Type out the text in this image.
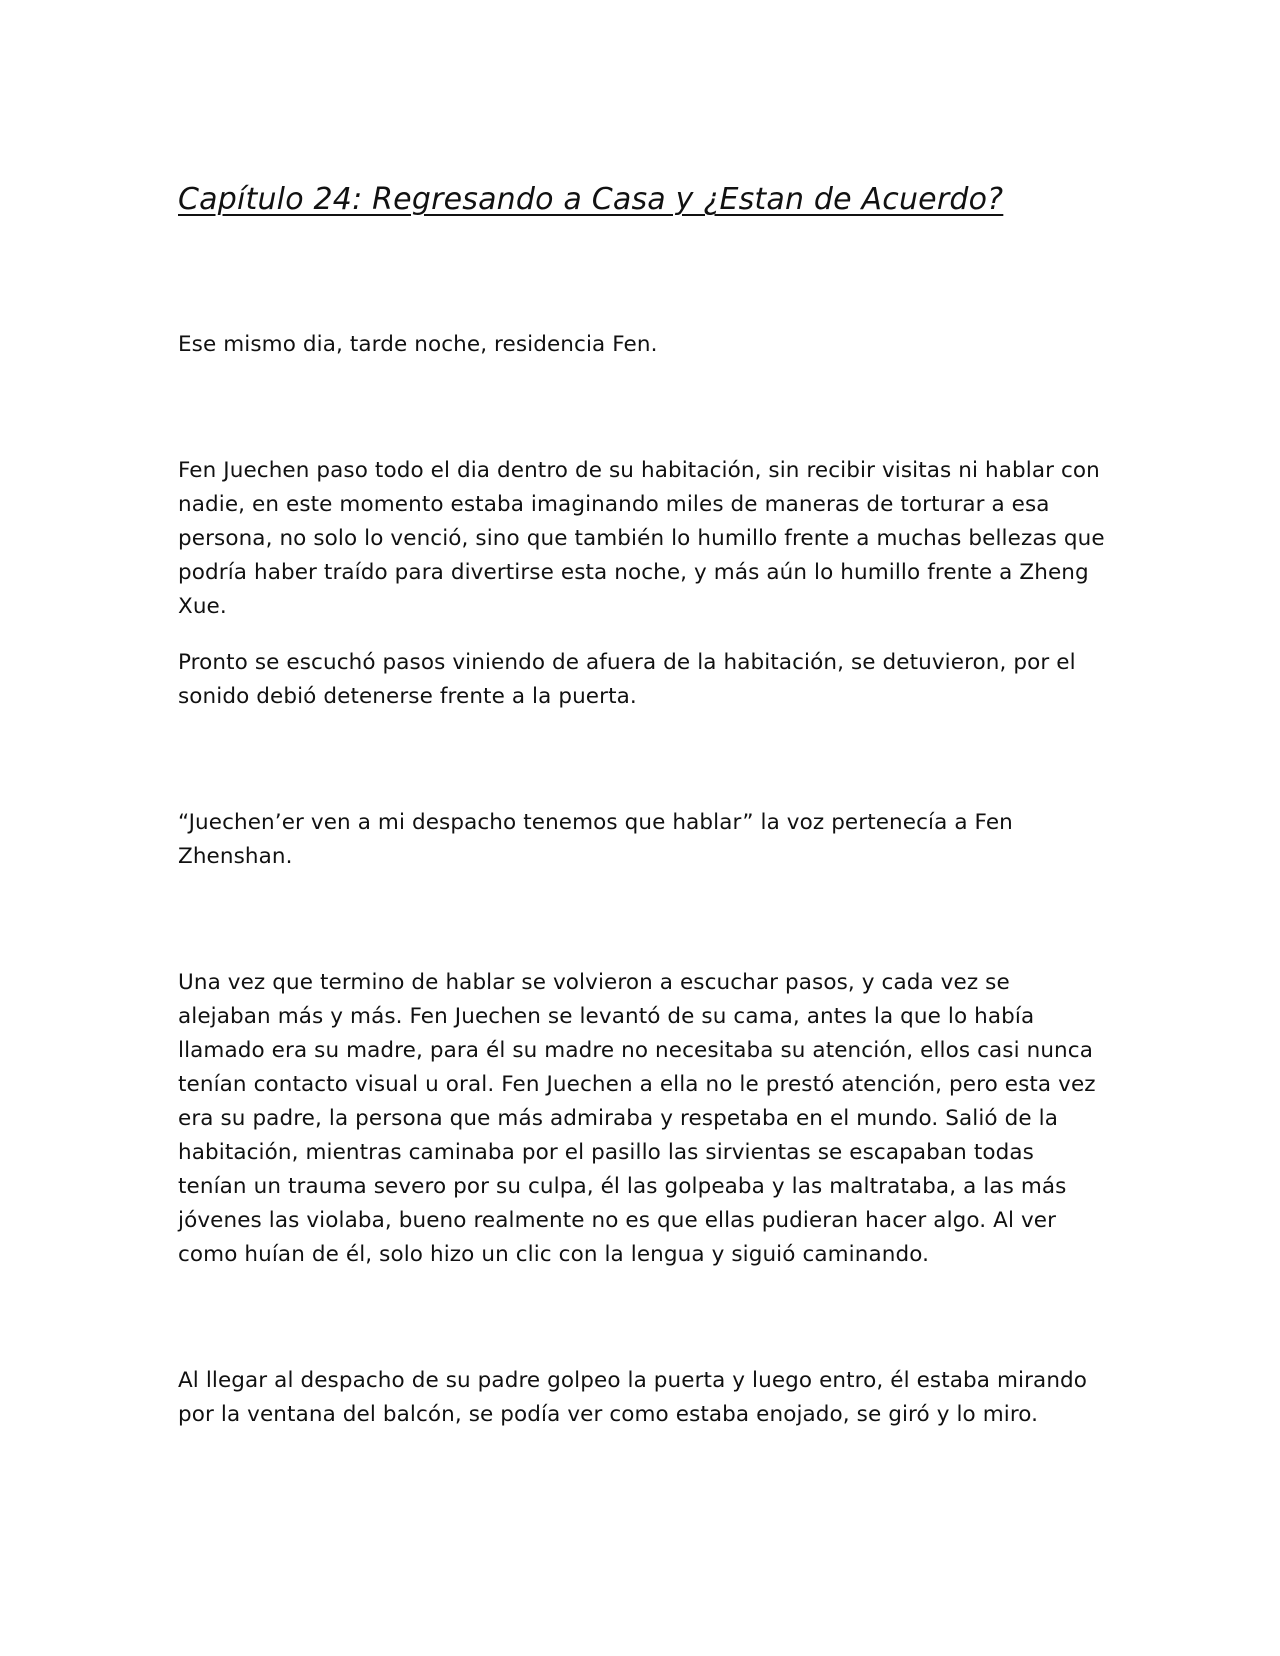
Capítulo 24: Regresando a Casa y ¿Estan de Acuerdo?

Ese mismo dia, tarde noche, residencia Fen.

Fen Juechen paso todo el dia dentro de su habitación, sin recibir visitas ni hablar con nadie, en este momento estaba imaginando miles de maneras de torturar a esa persona, no solo lo venció, sino que también lo humillo frente a muchas bellezas que podría haber traído para divertirse esta noche, y más aún lo humillo frente a Zheng Xue.

Pronto se escuchó pasos viniendo de afuera de la habitación, se detuvieron, por el sonido debió detenerse frente a la puerta.

“Juechen’er ven a mi despacho tenemos que hablar” la voz pertenecía a Fen Zhenshan.

Una vez que termino de hablar se volvieron a escuchar pasos, y cada vez se alejaban más y más. Fen Juechen se levantó de su cama, antes la que lo había llamado era su madre, para él su madre no necesitaba su atención, ellos casi nunca tenían contacto visual u oral. Fen Juechen a ella no le prestó atención, pero esta vez era su padre, la persona que más admiraba y respetaba en el mundo. Salió de la habitación, mientras caminaba por el pasillo las sirvientas se escapaban todas tenían un trauma severo por su culpa, él las golpeaba y las maltrataba, a las más jóvenes las violaba, bueno realmente no es que ellas pudieran hacer algo. Al ver como huían de él, solo hizo un clic con la lengua y siguió caminando.

Al llegar al despacho de su padre golpeo la puerta y luego entro, él estaba mirando por la ventana del balcón, se podía ver como estaba enojado, se giró y lo miro.
